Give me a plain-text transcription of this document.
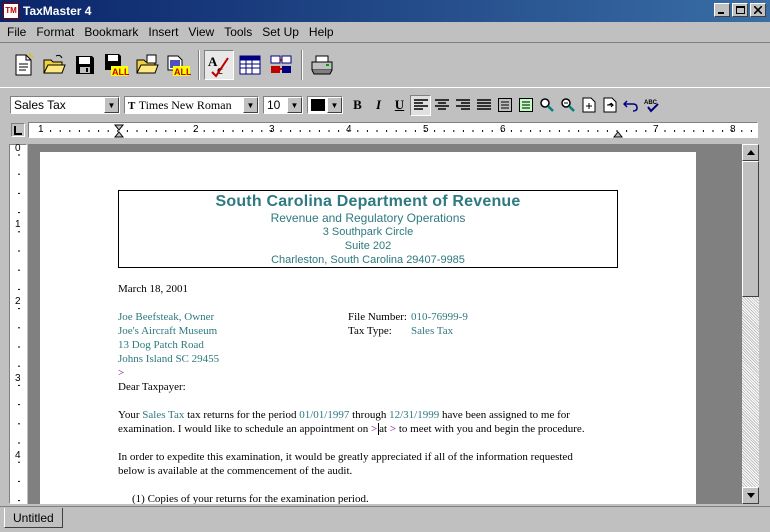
TM TaxMaster 4
File Format Bookmark Insert View Tools Set Up Help
ALL	ALL
A
c
Sales Tax	▼	T Times New Roman	▼ 10	▼	▼	B	I	U	ABC
1	2	3	4	5	6	7	8
0
1
2
3
4
South Carolina Department of Revenue
Revenue and Regulatory Operations
3 Southpark Circle
Suite 202
Charleston, South Carolina 29407-9985
March 18, 2001
Joe Beefsteak, Owner
Joe's Aircraft Museum
13 Dog Patch Road
Johns Island SC 29455
>
File Number: 010-76999-9
Tax Type: Sales Tax
Dear Taxpayer:
Your Sales Tax tax returns for the period 01/01/1997 through 12/31/1999 have been assigned to me for
examination. I would like to schedule an appointment on > at > to meet with you and begin the procedure.
In order to expedite this examination, it would be greatly appreciated if all of the information requested
below is available at the commencement of the audit.
(1) Copies of your returns for the examination period.
Untitled
